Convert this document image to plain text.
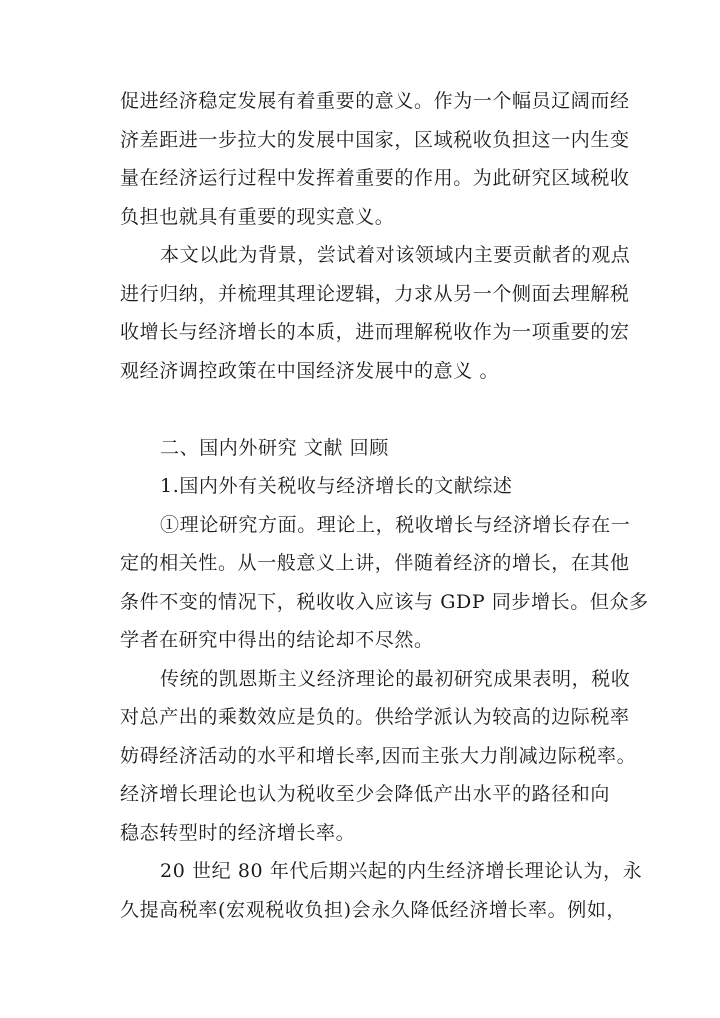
促进经济稳定发展有着重要的意义。作为一个幅员辽阔而经
济差距进一步拉大的发展中国家，区域税收负担这一内生变
量在经济运行过程中发挥着重要的作用。为此研究区域税收
负担也就具有重要的现实意义。
本文以此为背景，尝试着对该领域内主要贡献者的观点
进行归纳，并梳理其理论逻辑，力求从另一个侧面去理解税
收增长与经济增长的本质，进而理解税收作为一项重要的宏
观经济调控政策在中国经济发展中的意义 。
二、国内外研究 文献 回顾
1.国内外有关税收与经济增长的文献综述
①理论研究方面。理论上，税收增长与经济增长存在一
定的相关性。从一般意义上讲，伴随着经济的增长，在其他
条件不变的情况下，税收收入应该与 GDP 同步增长。但众多
学者在研究中得出的结论却不尽然。
传统的凯恩斯主义经济理论的最初研究成果表明，税收
对总产出的乘数效应是负的。供给学派认为较高的边际税率
妨碍经济活动的水平和增长率,因而主张大力削减边际税率。
经济增长理论也认为税收至少会降低产出水平的路径和向
稳态转型时的经济增长率。
20 世纪 80 年代后期兴起的内生经济增长理论认为，永
久提高税率(宏观税收负担)会永久降低经济增长率。例如，
